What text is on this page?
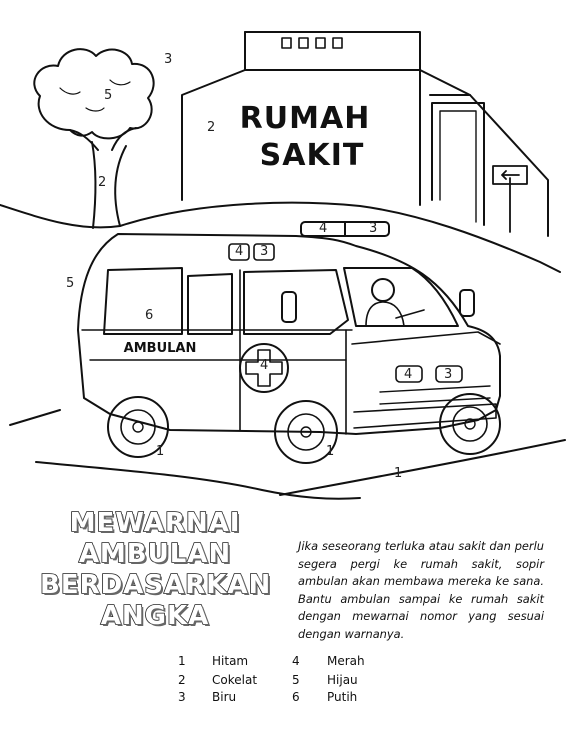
RUMAH
SAKIT
AMBULAN
3
5
2
2
5
6
4	3
4 3
4
4 3
1	1
1
MEWARNAI
AMBULAN
BERDASARKAN
ANGKA
Jika seseorang terluka atau sakit dan perlu segera pergi ke rumah sakit, sopir ambulan akan membawa mereka ke sana. Bantu ambulan sampai ke rumah sakit dengan mewarnai nomor yang sesuai dengan warnanya.
1 Hitam
2 Cokelat
3 Biru
4 Merah
5 Hijau
6 Putih
